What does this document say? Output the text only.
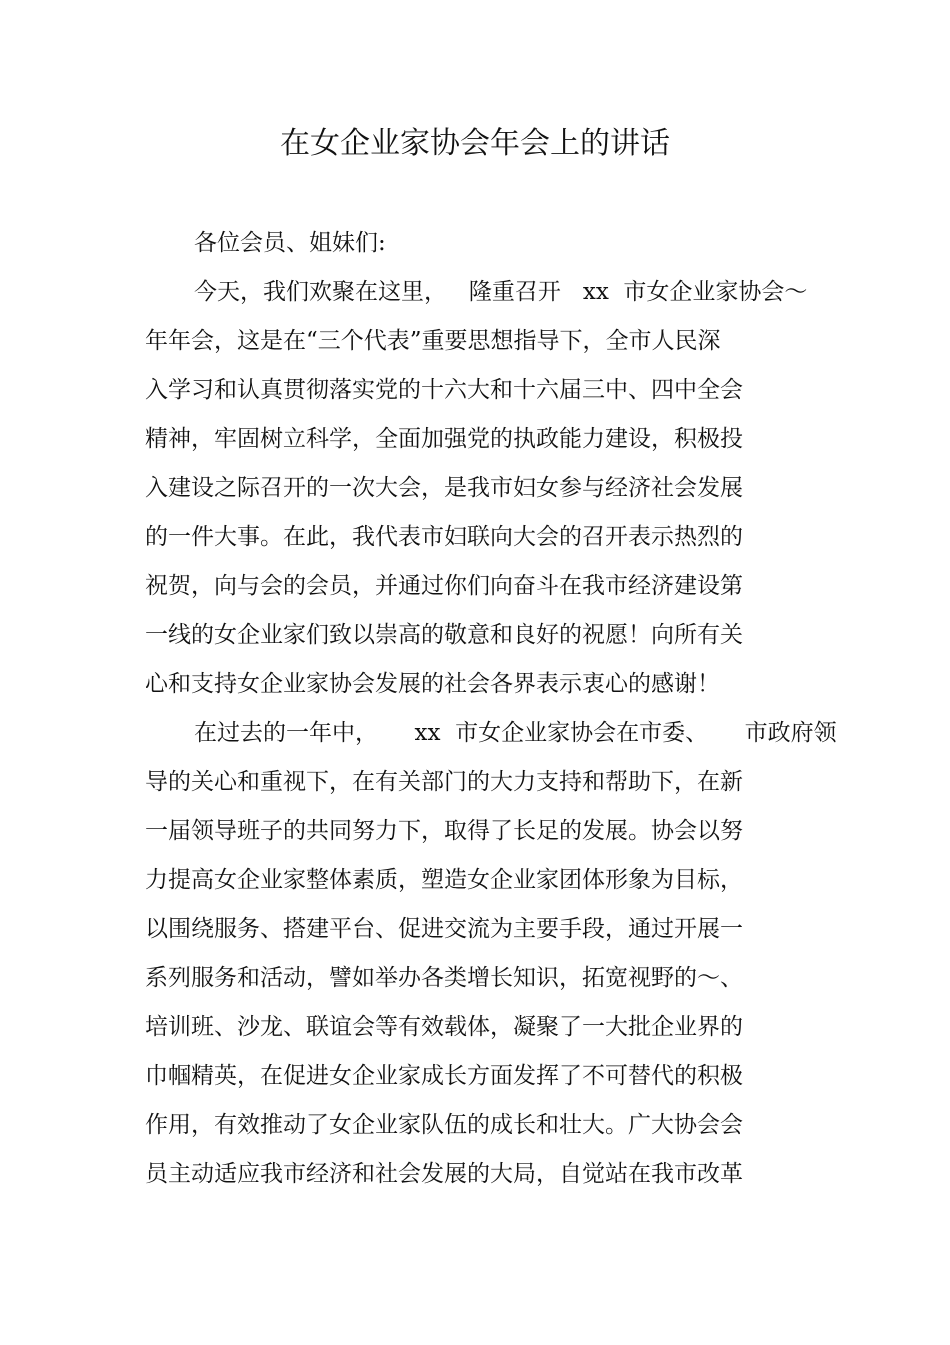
在女企业家协会年会上的讲话
各位会员、姐妹们:
今天，我们欢聚在这里，   隆重召开   xx  市女企业家协会～
年年会，这是在“三个代表”重要思想指导下，全市人民深
入学习和认真贯彻落实党的十六大和十六届三中、四中全会
精神，牢固树立科学，全面加强党的执政能力建设，积极投
入建设之际召开的一次大会，是我市妇女参与经济社会发展
的一件大事。在此，我代表市妇联向大会的召开表示热烈的
祝贺，向与会的会员，并通过你们向奋斗在我市经济建设第
一线的女企业家们致以崇高的敬意和良好的祝愿！向所有关
心和支持女企业家协会发展的社会各界表示衷心的感谢！
在过去的一年中，     xx  市女企业家协会在市委、     市政府领
导的关心和重视下，在有关部门的大力支持和帮助下，在新
一届领导班子的共同努力下，取得了长足的发展。协会以努
力提高女企业家整体素质，塑造女企业家团体形象为目标，
以围绕服务、搭建平台、促进交流为主要手段，通过开展一
系列服务和活动，譬如举办各类增长知识，拓宽视野的～、
培训班、沙龙、联谊会等有效载体，凝聚了一大批企业界的
巾帼精英，在促进女企业家成长方面发挥了不可替代的积极
作用，有效推动了女企业家队伍的成长和壮大。广大协会会
员主动适应我市经济和社会发展的大局，自觉站在我市改革
